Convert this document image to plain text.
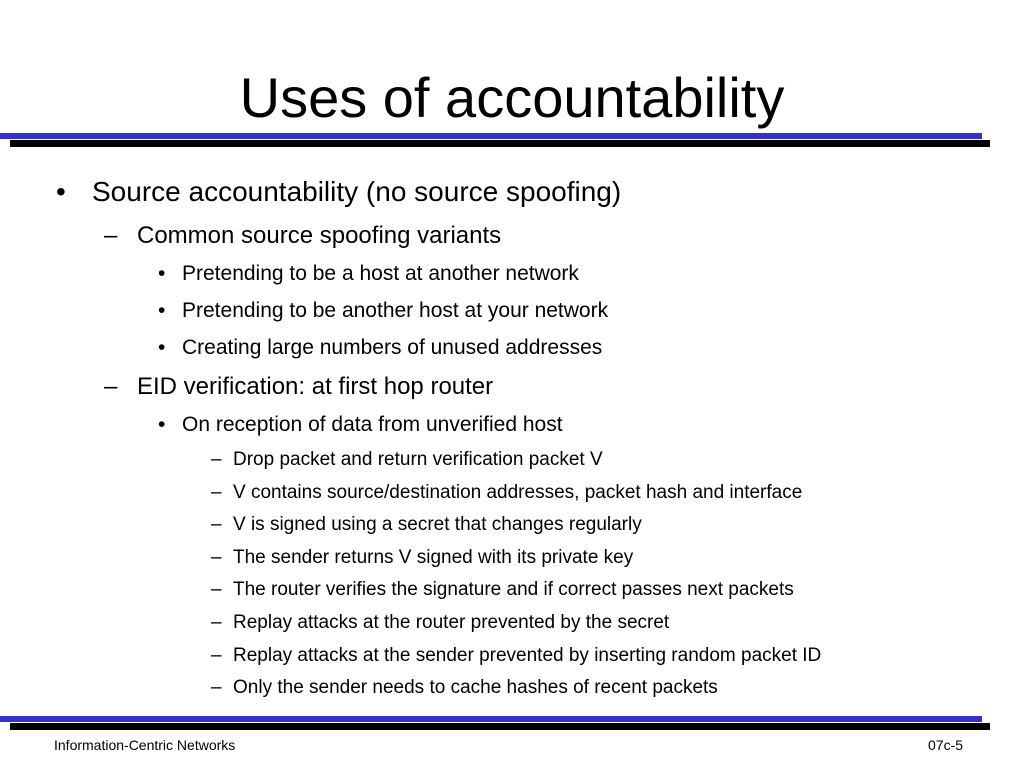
Uses of accountability
• Source accountability (no source spoofing)
– Common source spoofing variants
• Pretending to be a host at another network
• Pretending to be another host at your network
• Creating large numbers of unused addresses
– EID verification: at first hop router
• On reception of data from unverified host
– Drop packet and return verification packet V
– V contains source/destination addresses, packet hash and interface
– V is signed using a secret that changes regularly
– The sender returns V signed with its private key
– The router verifies the signature and if correct passes next packets
– Replay attacks at the router prevented by the secret
– Replay attacks at the sender prevented by inserting random packet ID
– Only the sender needs to cache hashes of recent packets
Information-Centric Networks	07c-5
